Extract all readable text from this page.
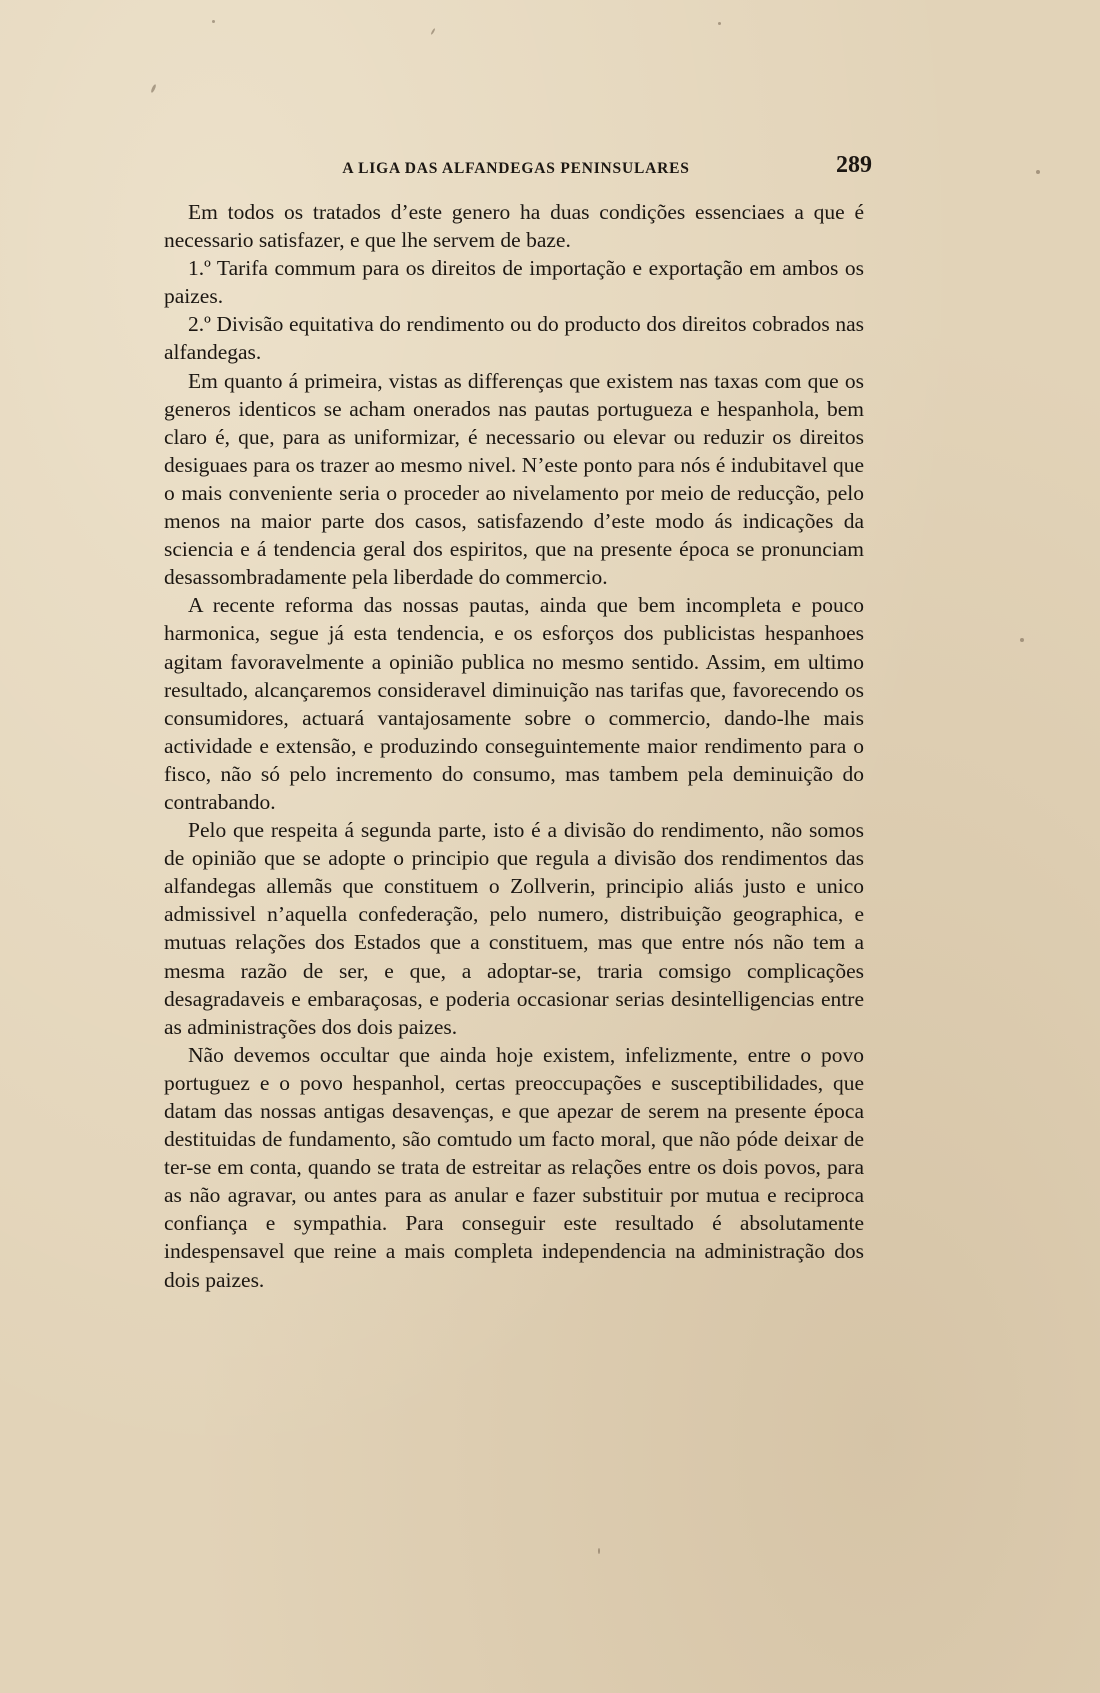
A LIGA DAS ALFANDEGAS PENINSULARES	289

Em todos os tratados d’este genero ha duas condições essenciaes a que é necessario satisfazer, e que lhe servem de baze.

1.º Tarifa commum para os direitos de importação e exportação em ambos os paizes.

2.º Divisão equitativa do rendimento ou do producto dos direitos cobrados nas alfandegas.

Em quanto á primeira, vistas as differenças que existem nas taxas com que os generos identicos se acham onerados nas pautas portugueza e hespanhola, bem claro é, que, para as uniformizar, é necessario ou elevar ou reduzir os direitos desiguaes para os trazer ao mesmo nivel. N’este ponto para nós é indubitavel que o mais conveniente seria o proceder ao nivelamento por meio de reducção, pelo menos na maior parte dos casos, satisfazendo d’este modo ás indicações da sciencia e á tendencia geral dos espiritos, que na presente época se pronunciam desassombradamente pela liberdade do commercio.

A recente reforma das nossas pautas, ainda que bem incompleta e pouco harmonica, segue já esta tendencia, e os esforços dos publicistas hespanhoes agitam favoravelmente a opinião publica no mesmo sentido. Assim, em ultimo resultado, alcançaremos consideravel diminuição nas tarifas que, favorecendo os consumidores, actuará vantajosamente sobre o commercio, dando-lhe mais actividade e extensão, e produzindo conseguintemente maior rendimento para o fisco, não só pelo incremento do consumo, mas tambem pela deminuição do contrabando.

Pelo que respeita á segunda parte, isto é a divisão do rendimento, não somos de opinião que se adopte o principio que regula a divisão dos rendimentos das alfandegas allemãs que constituem o Zollverin, principio aliás justo e unico admissivel n’aquella confederação, pelo numero, distribuição geographica, e mutuas relações dos Estados que a constituem, mas que entre nós não tem a mesma razão de ser, e que, a adoptar-se, traria comsigo complicações desagradaveis e embaraçosas, e poderia occasionar serias desintelligencias entre as administrações dos dois paizes.

Não devemos occultar que ainda hoje existem, infelizmente, entre o povo portuguez e o povo hespanhol, certas preoccupações e susceptibilidades, que datam das nossas antigas desavenças, e que apezar de serem na presente época destituidas de fundamento, são comtudo um facto moral, que não póde deixar de ter-se em conta, quando se trata de estreitar as relações entre os dois povos, para as não agravar, ou antes para as anular e fazer substituir por mutua e reciproca confiança e sympathia. Para conseguir este resultado é absolutamente indespensavel que reine a mais completa independencia na administração dos dois paizes.
